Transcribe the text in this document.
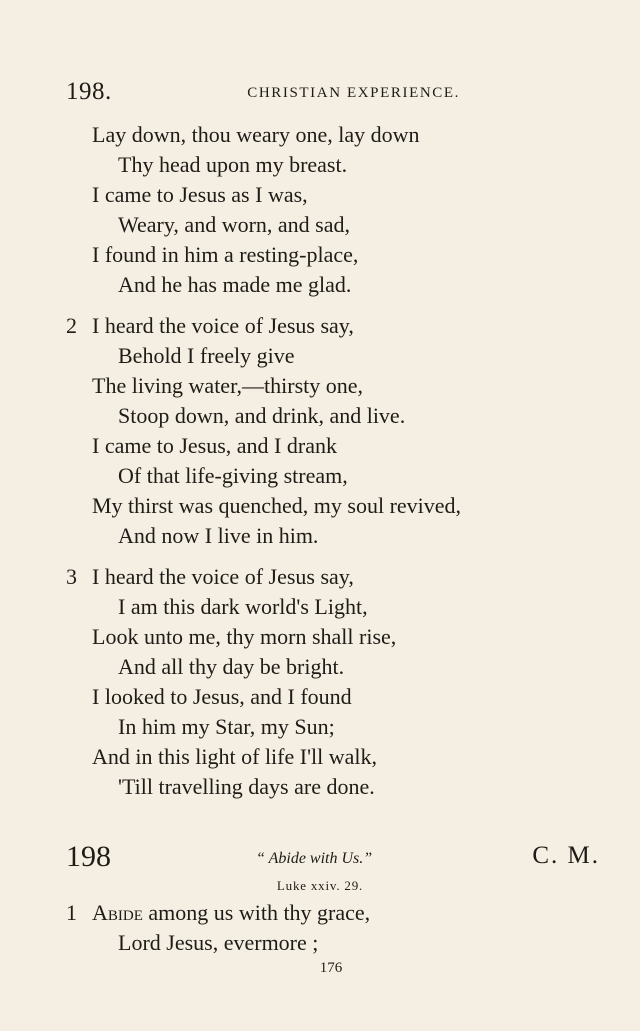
198.	CHRISTIAN EXPERIENCE.
Lay down, thou weary one, lay down
Thy head upon my breast.
I came to Jesus as I was,
Weary, and worn, and sad,
I found in him a resting-place,
And he has made me glad.
2 I heard the voice of Jesus say,
Behold I freely give
The living water,—thirsty one,
Stoop down, and drink, and live.
I came to Jesus, and I drank
Of that life-giving stream,
My thirst was quenched, my soul revived,
And now I live in him.
3 I heard the voice of Jesus say,
I am this dark world's Light,
Look unto me, thy morn shall rise,
And all thy day be bright.
I looked to Jesus, and I found
In him my Star, my Sun;
And in this light of life I'll walk,
'Till travelling days are done.
198	“ Abide with Us.”	C. M.
Luke xxiv. 29.
1 Abide among us with thy grace,
Lord Jesus, evermore ;
176
